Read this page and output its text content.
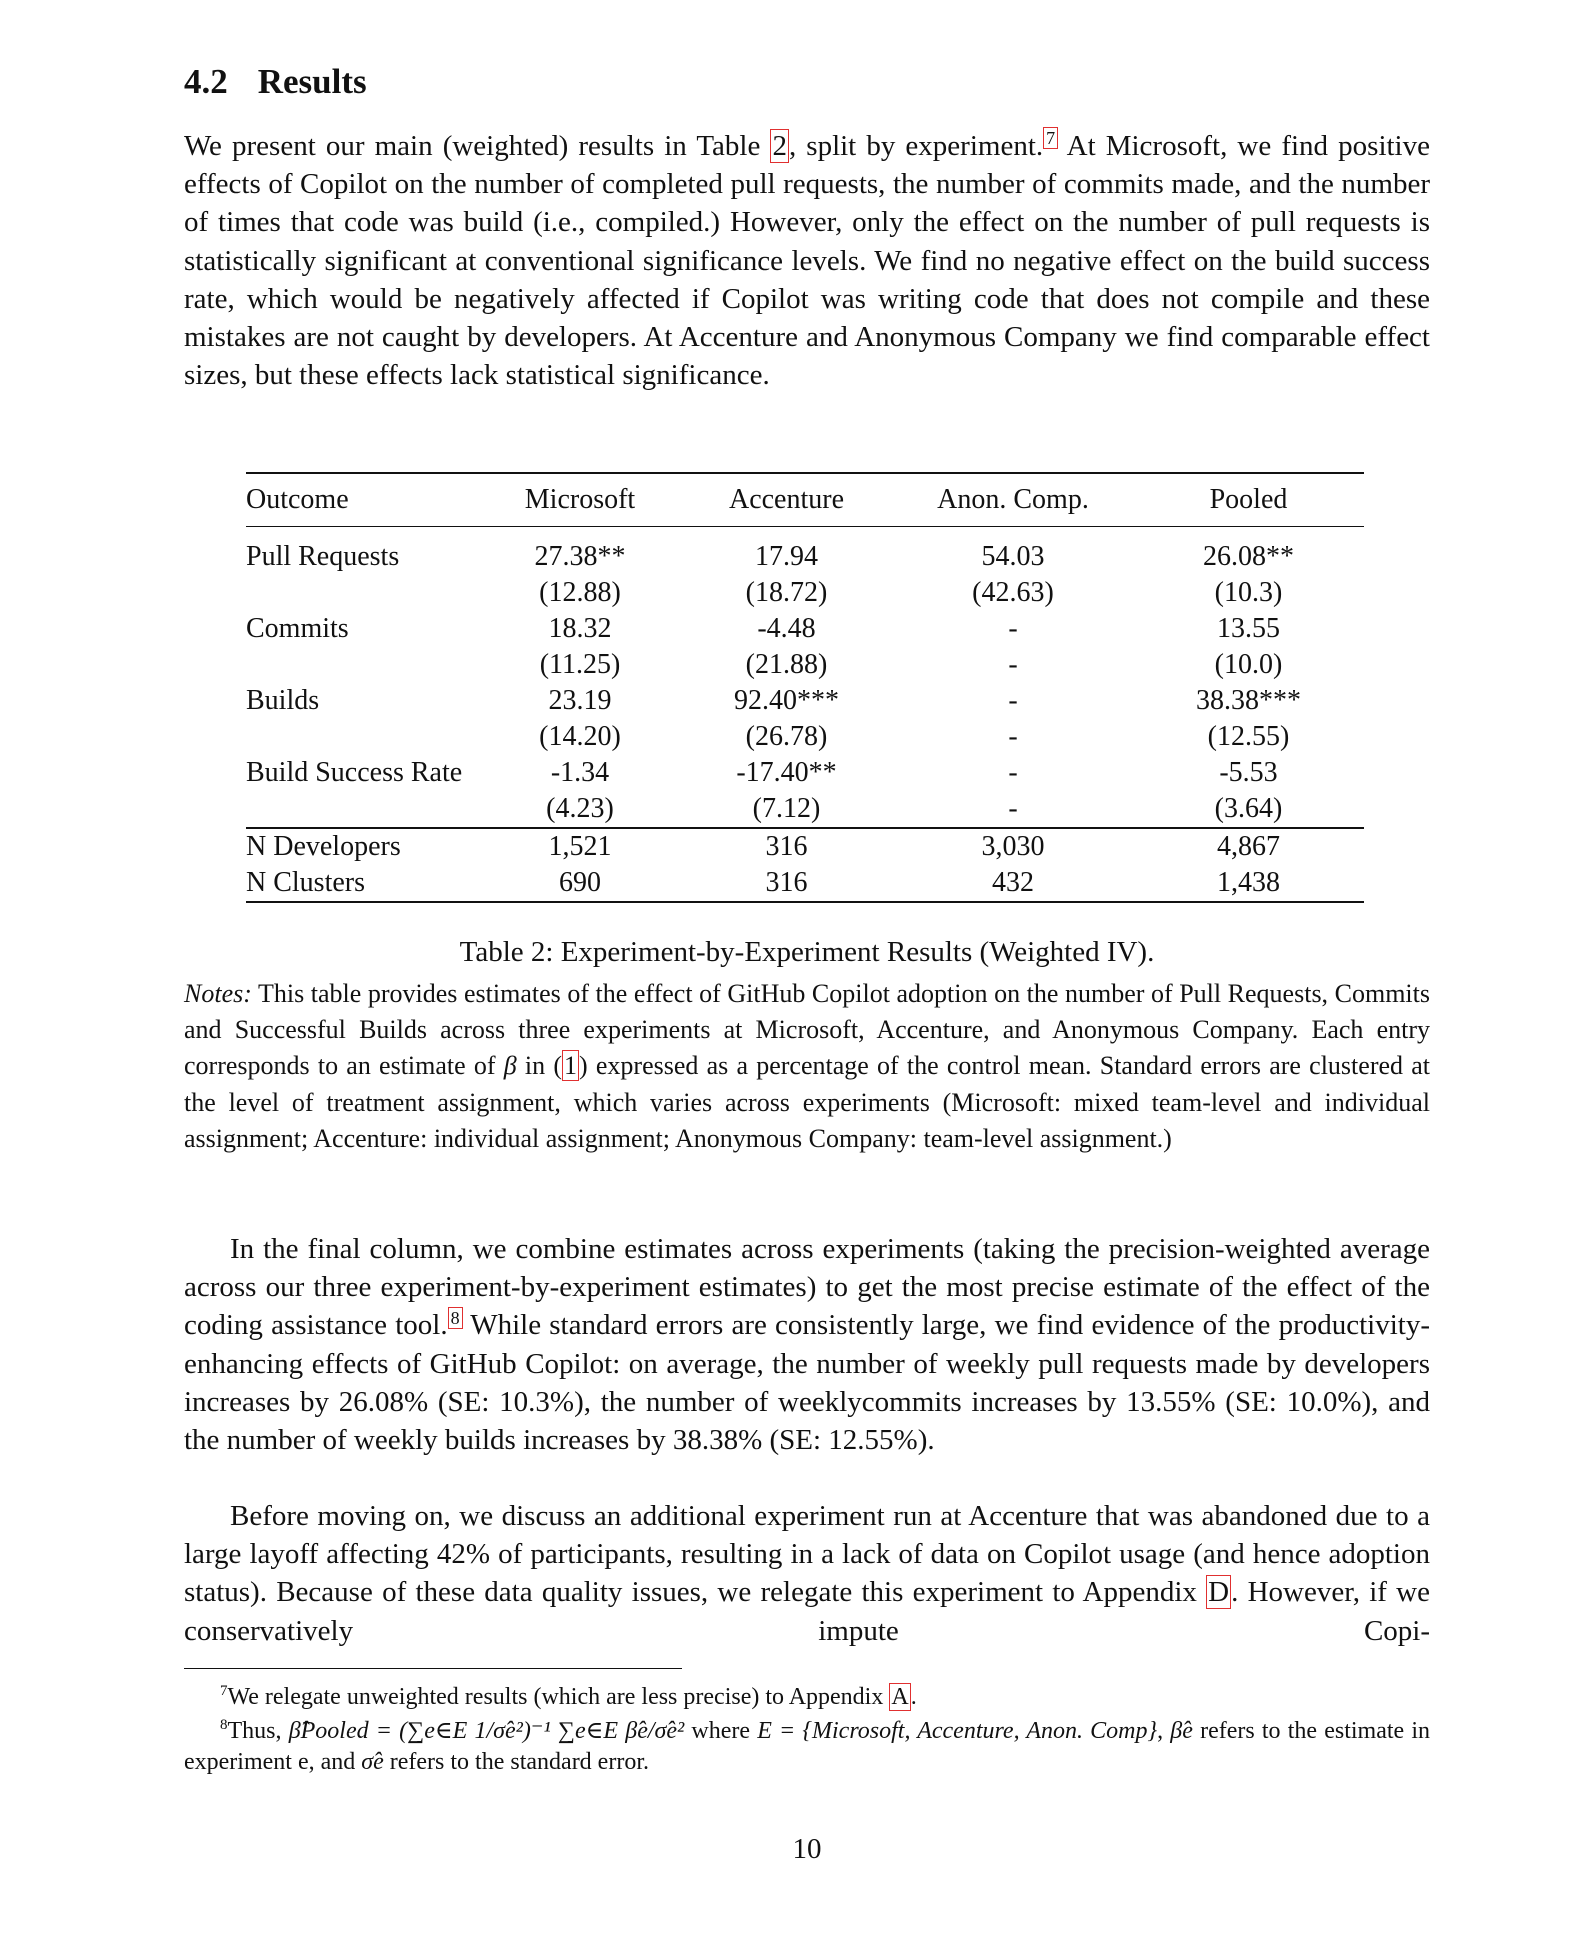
4.2 Results
We present our main (weighted) results in Table 2, split by experiment. $^7$ At Microsoft, we find positive effects of Copilot on the number of completed pull requests, the number of commits made, and the number of times that code was build (i.e., compiled.) However, only the effect on the number of pull requests is statistically significant at conventional significance levels. We find no negative effect on the build success rate, which would be negatively affected if Copilot was writing code that does not compile and these mistakes are not caught by developers. At Accenture and Anonymous Company we find comparable effect sizes, but these effects lack statistical significance.
Outcome	Microsoft	Accenture	Anon. Comp.	Pooled

Pull Requests	27.38**	17.94	54.03	26.08**
	(12.88)	(18.72)	(42.63)	(10.3)
Commits	18.32	-4.48	-	13.55
	(11.25)	(21.88)	-	(10.0)
Builds	23.19	92.40***	-	38.38***
	(14.20)	(26.78)	-	(12.55)
Build Success Rate	-1.34	-17.40**	-	-5.53
	(4.23)	(7.12)	-	(3.64)
N Developers	1,521	316	3,030	4,867
N Clusters	690	316	432	1,438
Table 2: Experiment-by-Experiment Results (Weighted IV).
Notes: This table provides estimates of the effect of GitHub Copilot adoption on the number of Pull Requests, Commits and Successful Builds across three experiments at Microsoft, Accenture, and Anonymous Company. Each entry corresponds to an estimate of β in (1) expressed as a percentage of the control mean. Standard errors are clustered at the level of treatment assignment, which varies across experiments (Microsoft: mixed team-level and individual assignment; Accenture: individual assignment; Anonymous Company: team-level assignment.)
In the final column, we combine estimates across experiments (taking the precision-weighted average across our three experiment-by-experiment estimates) to get the most precise estimate of the effect of the coding assistance tool. $^8$ While standard errors are consistently large, we find evidence of the productivity-enhancing effects of GitHub Copilot: on average, the number of weekly pull requests made by developers increases by 26.08% (SE: 10.3%), the number of weeklycommits increases by 13.55% (SE: 10.0%), and the number of weekly builds increases by 38.38% (SE: 12.55%).
Before moving on, we discuss an additional experiment run at Accenture that was abandoned due to a large layoff affecting 42% of participants, resulting in a lack of data on Copilot usage (and hence adoption status). Because of these data quality issues, we relegate this experiment to Appendix D. However, if we conservatively impute Copi-
$^7$We relegate unweighted results (which are less precise) to Appendix A.
$^8$Thus, β̂Pooled = (∑e∈E 1/σ̂e²)⁻¹ ∑e∈E β̂e/σ̂e² where E = {Microsoft, Accenture, Anon. Comp}, β̂e refers to the estimate in experiment e, and σ̂e refers to the standard error.
10
